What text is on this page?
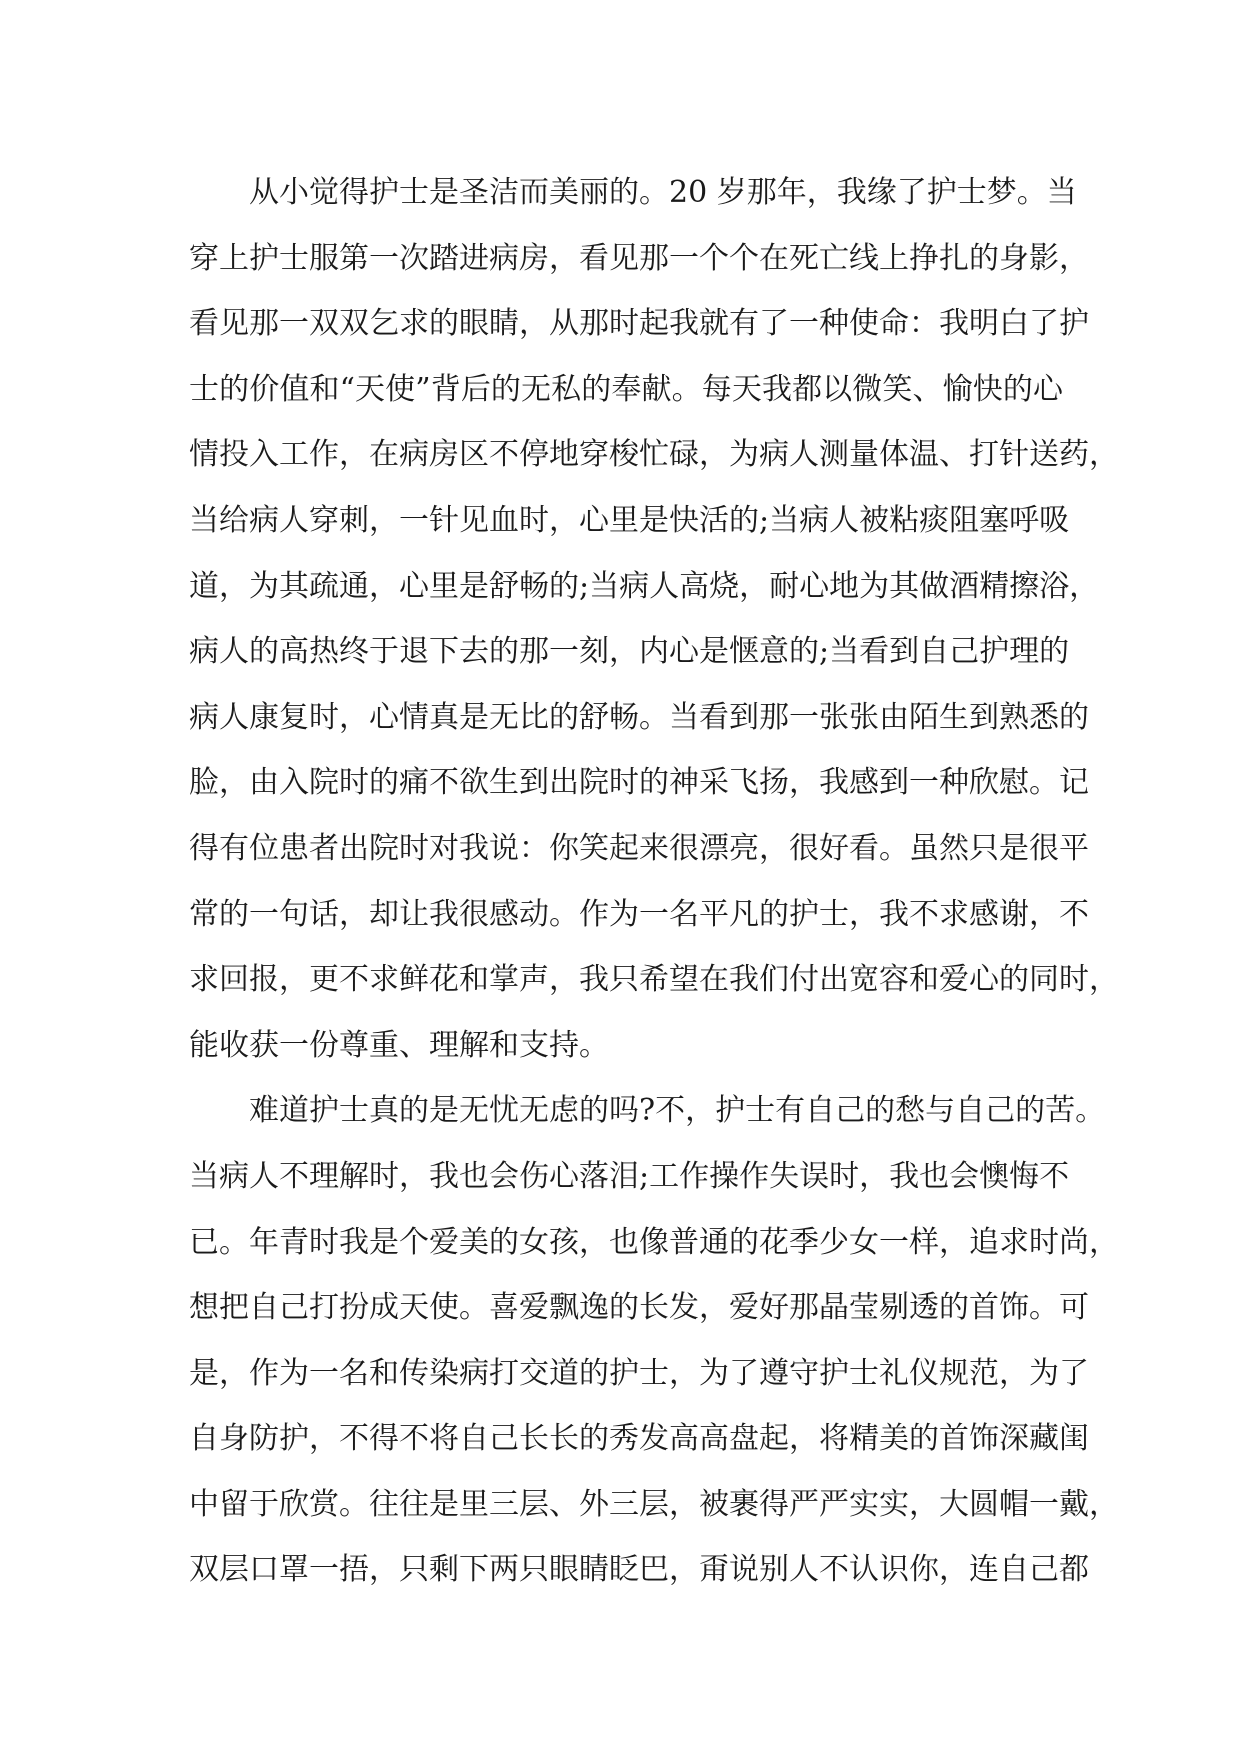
从小觉得护士是圣洁而美丽的。20 岁那年，我缘了护士梦。当
穿上护士服第一次踏进病房，看见那一个个在死亡线上挣扎的身影，
看见那一双双乞求的眼睛，从那时起我就有了一种使命：我明白了护
士的价值和“天使”背后的无私的奉献。每天我都以微笑、愉快的心
情投入工作，在病房区不停地穿梭忙碌，为病人测量体温、打针送药，
当给病人穿刺，一针见血时，心里是快活的;当病人被粘痰阻塞呼吸
道，为其疏通，心里是舒畅的;当病人高烧，耐心地为其做酒精擦浴，
病人的高热终于退下去的那一刻，内心是惬意的;当看到自己护理的
病人康复时，心情真是无比的舒畅。当看到那一张张由陌生到熟悉的
脸，由入院时的痛不欲生到出院时的神采飞扬，我感到一种欣慰。记
得有位患者出院时对我说：你笑起来很漂亮，很好看。虽然只是很平
常的一句话，却让我很感动。作为一名平凡的护士，我不求感谢，不
求回报，更不求鲜花和掌声，我只希望在我们付出宽容和爱心的同时，
能收获一份尊重、理解和支持。
难道护士真的是无忧无虑的吗?不，护士有自己的愁与自己的苦。
当病人不理解时，我也会伤心落泪;工作操作失误时，我也会懊悔不
已。年青时我是个爱美的女孩，也像普通的花季少女一样，追求时尚，
想把自己打扮成天使。喜爱飘逸的长发，爱好那晶莹剔透的首饰。可
是，作为一名和传染病打交道的护士，为了遵守护士礼仪规范，为了
自身防护，不得不将自己长长的秀发高高盘起，将精美的首饰深藏闺
中留于欣赏。往往是里三层、外三层，被裹得严严实实，大圆帽一戴，
双层口罩一捂，只剩下两只眼睛眨巴，甭说别人不认识你，连自己都
